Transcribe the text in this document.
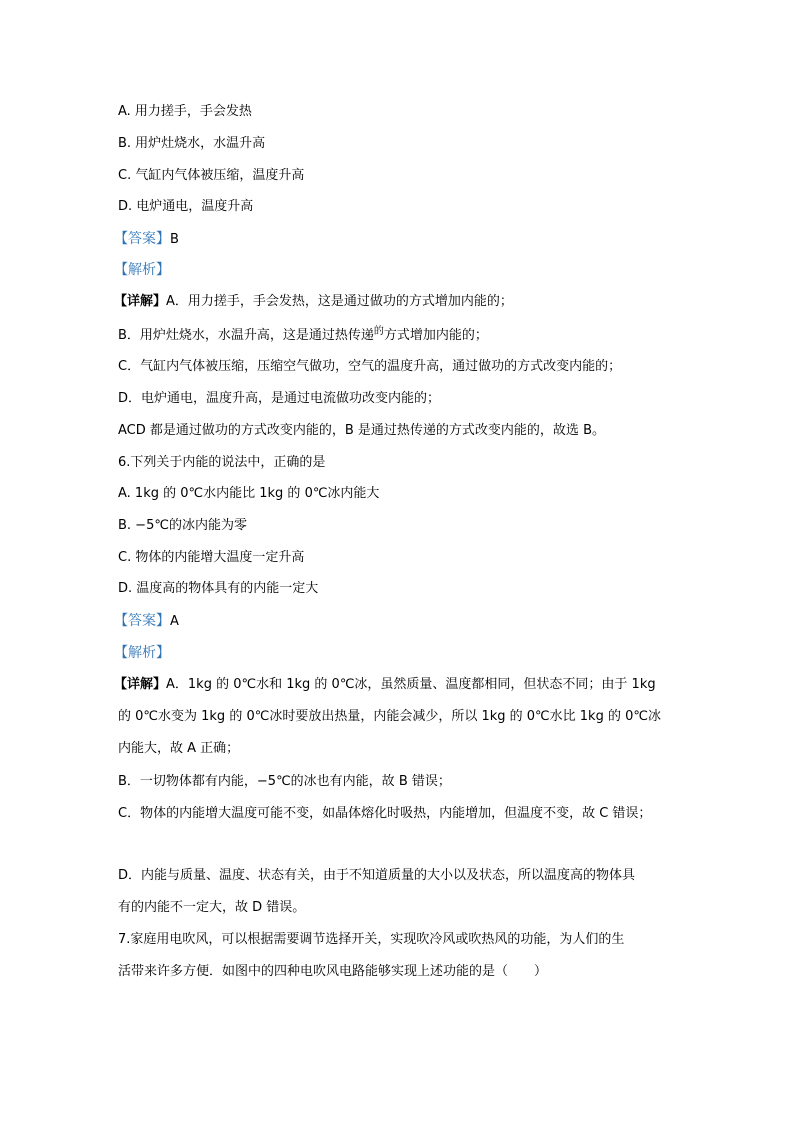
A. 用力搓手，手会发热
B. 用炉灶烧水，水温升高
C. 气缸内气体被压缩，温度升高
D. 电炉通电，温度升高
【答案】B
【解析】
【详解】A．用力搓手，手会发热，这是通过做功的方式增加内能的；
B．用炉灶烧水，水温升高，这是通过热传递$^的$方式增加内能的；
C．气缸内气体被压缩，压缩空气做功，空气的温度升高，通过做功的方式改变内能的；
D．电炉通电，温度升高，是通过电流做功改变内能的；
ACD 都是通过做功的方式改变内能的，B 是通过热传递的方式改变内能的，故选 B。
6.下列关于内能的说法中，正确的是
A. 1kg 的 0℃水内能比 1kg 的 0℃冰内能大
B. −5℃的冰内能为零
C. 物体的内能增大温度一定升高
D. 温度高的物体具有的内能一定大
【答案】A
【解析】
【详解】A．1kg 的 0℃水和 1kg 的 0℃冰，虽然质量、温度都相同，但状态不同；由于 1kg
的 0℃水变为 1kg 的 0℃冰时要放出热量，内能会减少，所以 1kg 的 0℃水比 1kg 的 0℃冰
内能大，故 A 正确；
B．一切物体都有内能，−5℃的冰也有内能，故 B 错误；
C．物体的内能增大温度可能不变，如晶体熔化时吸热，内能增加，但温度不变，故 C 错误；
D．内能与质量、温度、状态有关，由于不知道质量的大小以及状态，所以温度高的物体具
有的内能不一定大，故 D 错误。
7.家庭用电吹风，可以根据需要调节选择开关，实现吹冷风或吹热风的功能，为人们的生
活带来许多方便．如图中的四种电吹风电路能够实现上述功能的是（　　）
